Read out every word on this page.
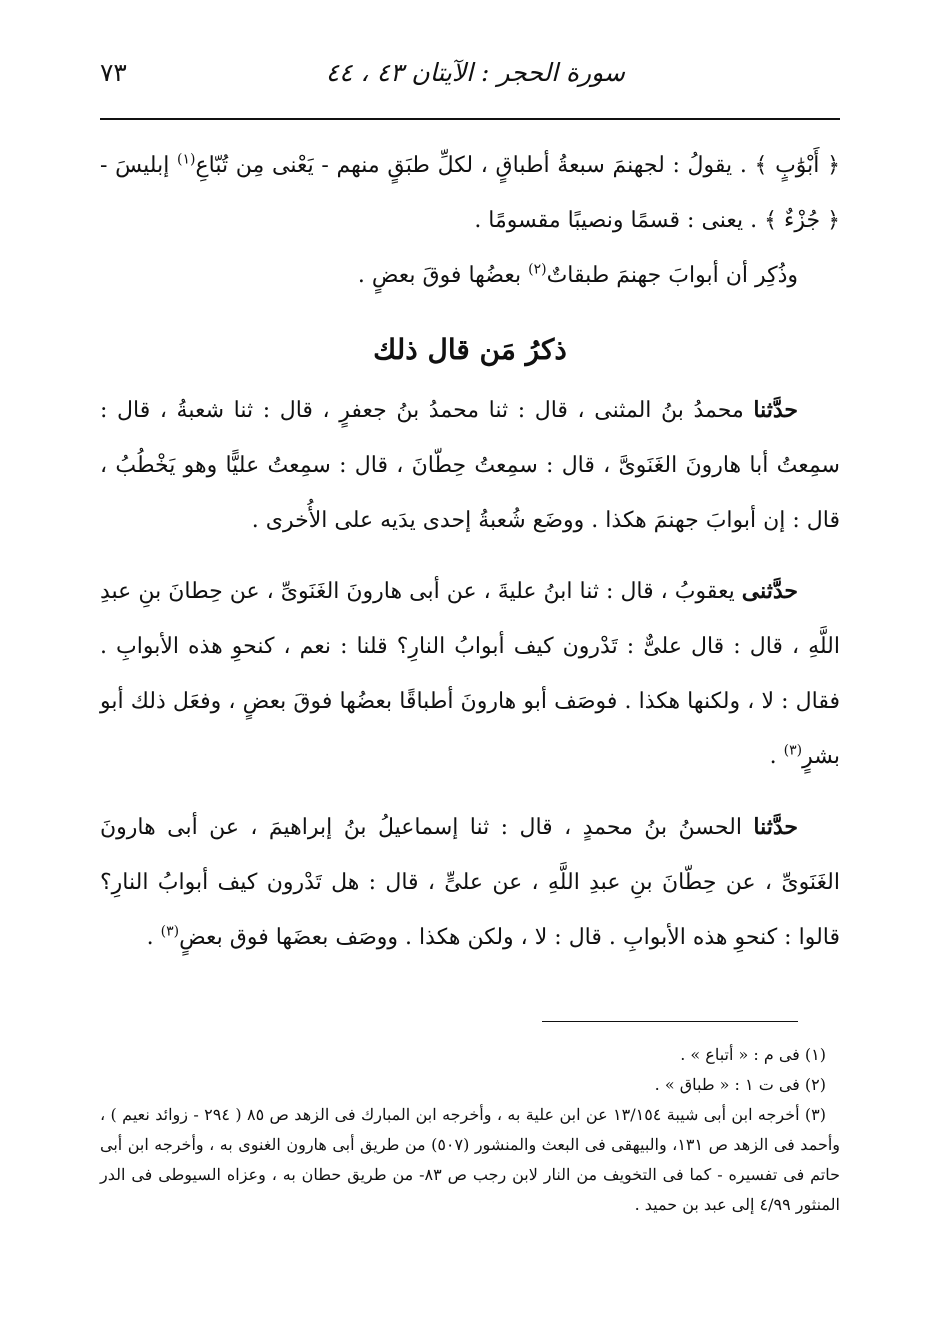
سورة الحجر : الآيتان ٤٣ ، ٤٤
٧٣

﴿ أَبْوَٰبٍ ﴾ . يقولُ : لجهنمَ سبعةُ أطباقٍ ، لكلِّ طبَقٍ منهم - يَعْنى مِن تُبّاعِ$^{(١)}$ إبليسَ - ﴿ جُزْءٌ ﴾ . يعنى : قسمًا ونصيبًا مقسومًا .

وذُكِر أن أبوابَ جهنمَ طبقاتٌ$^{(٢)}$ بعضُها فوقَ بعضٍ .

ذكرُ مَن قال ذلك

حدَّثنا محمدُ بنُ المثنى ، قال : ثنا محمدُ بنُ جعفرٍ ، قال : ثنا شعبةُ ، قال : سمِعتُ أبا هارونَ الغَنَوىَّ ، قال : سمِعتُ حِطّانَ ، قال : سمِعتُ عليًّا وهو يَخْطُبُ ، قال : إن أبوابَ جهنمَ هكذا . ووضَع شُعبةُ إحدى يدَيه على الأُخرى .

حدَّثنى يعقوبُ ، قال : ثنا ابنُ عليةَ ، عن أبى هارونَ الغَنَوىِّ ، عن حِطانَ بنِ عبدِ اللَّهِ ، قال : قال علىٌّ : تَدْرون كيف أبوابُ النارِ؟ قلنا : نعم ، كنحوِ هذه الأبوابِ . فقال : لا ، ولكنها هكذا . فوصَف أبو هارونَ أطباقًا بعضُها فوقَ بعضٍ ، وفعَل ذلك أبو بشرٍ$^{(٣)}$ .

حدَّثنا الحسنُ بنُ محمدٍ ، قال : ثنا إسماعيلُ بنُ إبراهيمَ ، عن أبى هارونَ الغَنَوىِّ ، عن حِطّانَ بنِ عبدِ اللَّهِ ، عن علىٍّ ، قال : هل تَدْرون كيف أبوابُ النارِ؟ قالوا : كنحوِ هذه الأبوابِ . قال : لا ، ولكن هكذا . ووصَف بعضَها فوق بعضٍ$^{(٣)}$ .

(١) فى م : « أتباع » .

(٢) فى ت ١ : « طباق » .

(٣) أخرجه ابن أبى شيبة ١٣/١٥٤ عن ابن علية به ، وأخرجه ابن المبارك فى الزهد ص ٨٥ ( ٢٩٤ - زوائد نعيم ) ، وأحمد فى الزهد ص ١٣١، والبيهقى فى البعث والمنشور (٥٠٧) من طريق أبى هارون الغنوى به ، وأخرجه ابن أبى حاتم فى تفسيره - كما فى التخويف من النار لابن رجب ص ٨٣- من طريق حطان به ، وعزاه السيوطى فى الدر المنثور ٤/٩٩ إلى عبد بن حميد .
